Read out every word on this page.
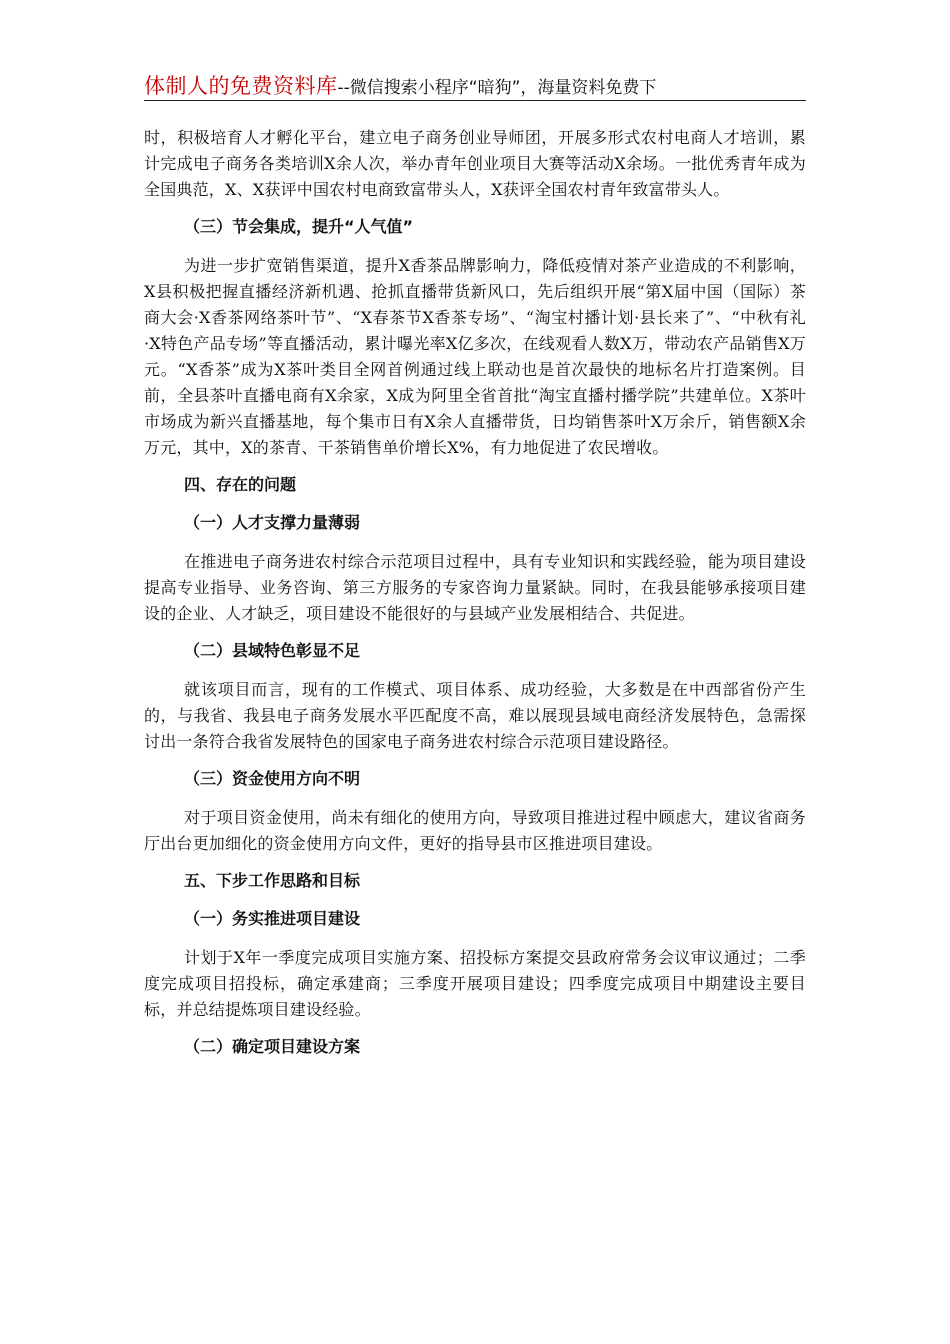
体制人的免费资料库--微信搜索小程序“暗狗”，海量资料免费下

时，积极培育人才孵化平台，建立电子商务创业导师团，开展多形式农村电商人才培训，累计完成电子商务各类培训X余人次，举办青年创业项目大赛等活动X余场。一批优秀青年成为全国典范，X、X获评中国农村电商致富带头人，X获评全国农村青年致富带头人。

（三）节会集成，提升“人气值”

为进一步扩宽销售渠道，提升X香茶品牌影响力，降低疫情对茶产业造成的不利影响，X县积极把握直播经济新机遇、抢抓直播带货新风口，先后组织开展“第X届中国（国际）茶商大会·X香茶网络茶叶节”、“X春茶节X香茶专场”、“淘宝村播计划·县长来了”、“中秋有礼·X特色产品专场”等直播活动，累计曝光率X亿多次，在线观看人数X万，带动农产品销售X万元。“X香茶”成为X茶叶类目全网首例通过线上联动也是首次最快的地标名片打造案例。目前，全县茶叶直播电商有X余家，X成为阿里全省首批“淘宝直播村播学院”共建单位。X茶叶市场成为新兴直播基地，每个集市日有X余人直播带货，日均销售茶叶X万余斤，销售额X余万元，其中，X的茶青、干茶销售单价增长X%，有力地促进了农民增收。

四、存在的问题
（一）人才支撑力量薄弱

在推进电子商务进农村综合示范项目过程中，具有专业知识和实践经验，能为项目建设提高专业指导、业务咨询、第三方服务的专家咨询力量紧缺。同时，在我县能够承接项目建设的企业、人才缺乏，项目建设不能很好的与县域产业发展相结合、共促进。

（二）县域特色彰显不足

就该项目而言，现有的工作模式、项目体系、成功经验，大多数是在中西部省份产生的，与我省、我县电子商务发展水平匹配度不高，难以展现县域电商经济发展特色，急需探讨出一条符合我省发展特色的国家电子商务进农村综合示范项目建设路径。

（三）资金使用方向不明

对于项目资金使用，尚未有细化的使用方向，导致项目推进过程中顾虑大，建议省商务厅出台更加细化的资金使用方向文件，更好的指导县市区推进项目建设。

五、下步工作思路和目标
（一）务实推进项目建设

计划于X年一季度完成项目实施方案、招投标方案提交县政府常务会议审议通过；二季度完成项目招投标，确定承建商；三季度开展项目建设；四季度完成项目中期建设主要目标，并总结提炼项目建设经验。

（二）确定项目建设方案
